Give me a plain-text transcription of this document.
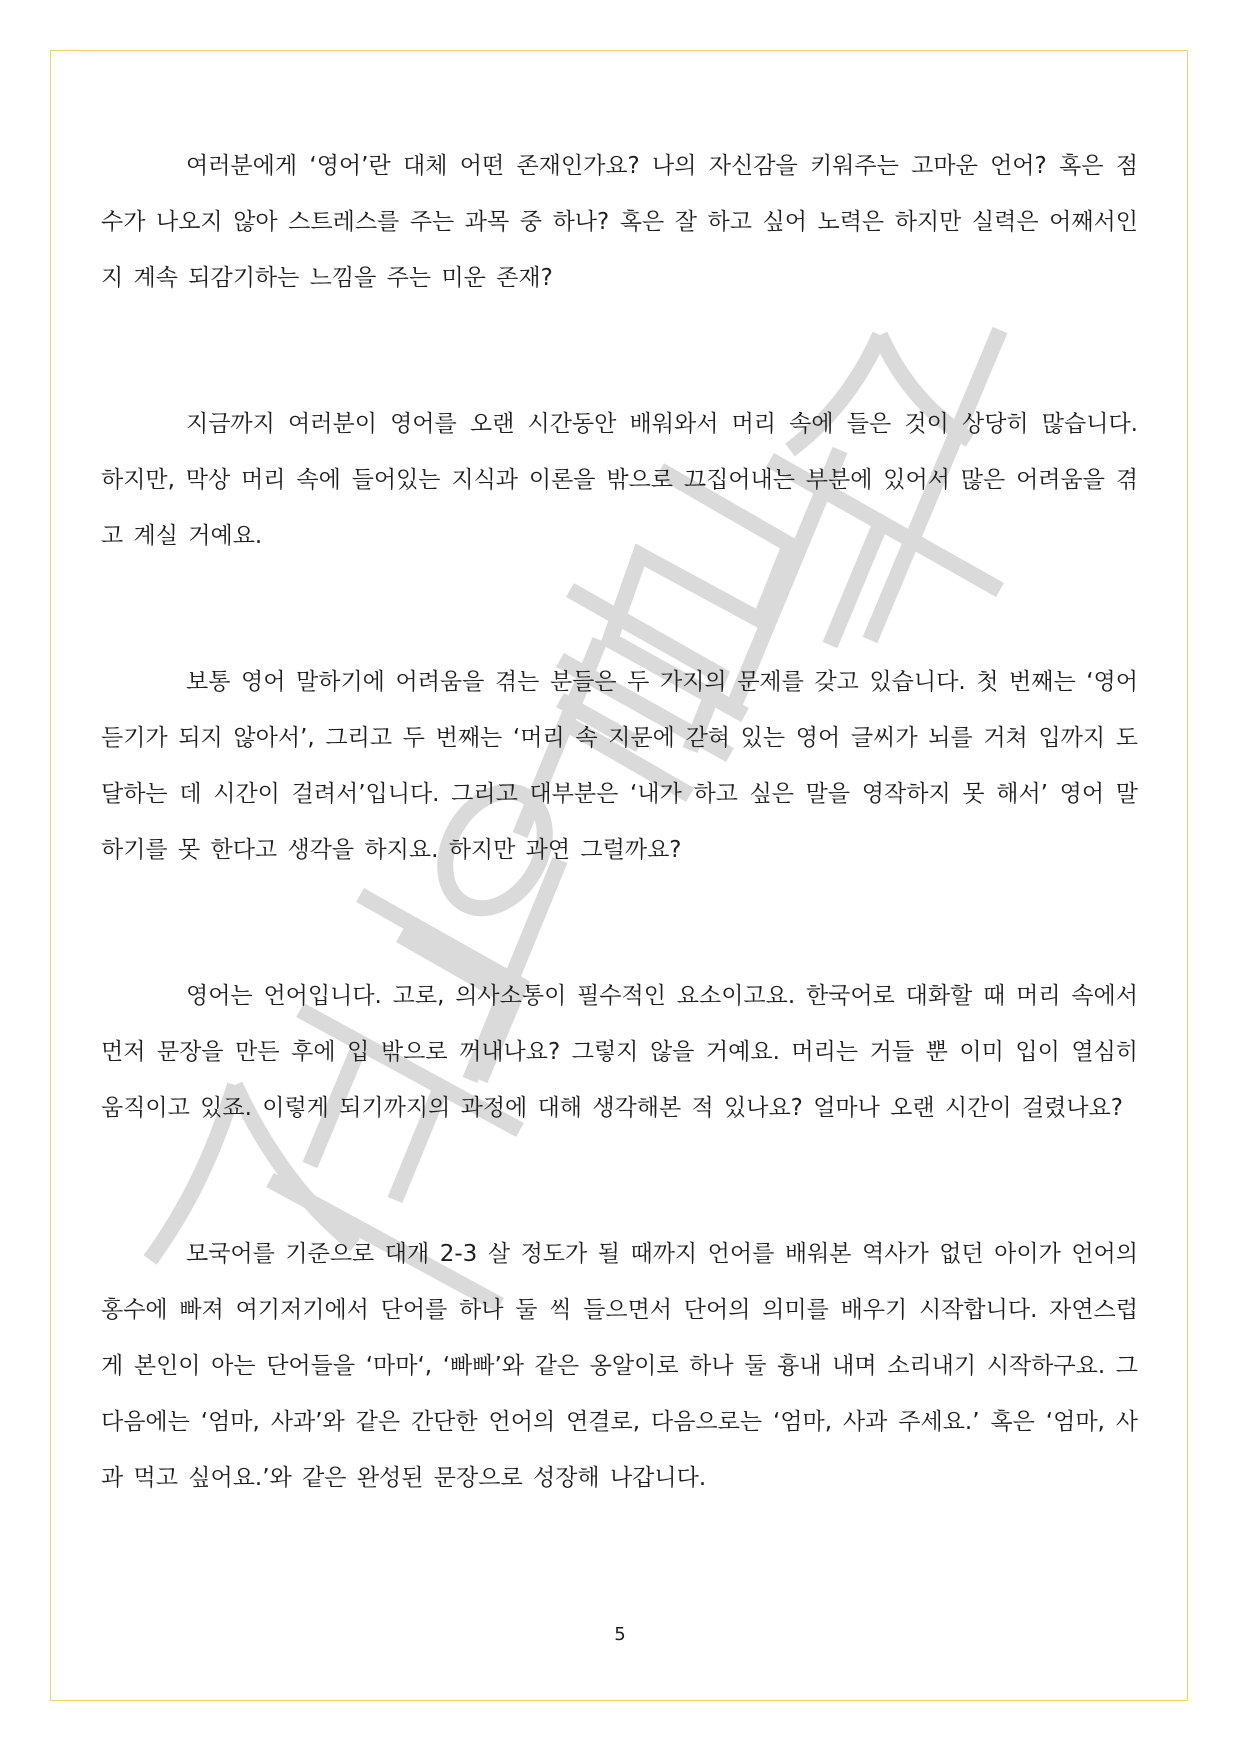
여러분에게 ‘영어’란 대체 어떤 존재인가요? 나의 자신감을 키워주는 고마운 언어? 혹은 점수가 나오지 않아 스트레스를 주는 과목 중 하나? 혹은 잘 하고 싶어 노력은 하지만 실력은 어째서인지 계속 되감기하는 느낌을 주는 미운 존재?

지금까지 여러분이 영어를 오랜 시간동안 배워와서 머리 속에 들은 것이 상당히 많습니다. 하지만, 막상 머리 속에 들어있는 지식과 이론을 밖으로 끄집어내는 부분에 있어서 많은 어려움을 겪고 계실 거예요.

보통 영어 말하기에 어려움을 겪는 분들은 두 가지의 문제를 갖고 있습니다. 첫 번째는 ‘영어 듣기가 되지 않아서’, 그리고 두 번째는 ‘머리 속 지문에 갇혀 있는 영어 글씨가 뇌를 거쳐 입까지 도달하는 데 시간이 걸려서’입니다. 그리고 대부분은 ‘내가 하고 싶은 말을 영작하지 못 해서’ 영어 말하기를 못 한다고 생각을 하지요. 하지만 과연 그럴까요?

영어는 언어입니다. 고로, 의사소통이 필수적인 요소이고요. 한국어로 대화할 때 머리 속에서 먼저 문장을 만든 후에 입 밖으로 꺼내나요? 그렇지 않을 거예요. 머리는 거들 뿐 이미 입이 열심히 움직이고 있죠. 이렇게 되기까지의 과정에 대해 생각해본 적 있나요? 얼마나 오랜 시간이 걸렸나요?

모국어를 기준으로 대개 2-3 살 정도가 될 때까지 언어를 배워본 역사가 없던 아이가 언어의 홍수에 빠져 여기저기에서 단어를 하나 둘 씩 들으면서 단어의 의미를 배우기 시작합니다. 자연스럽게 본인이 아는 단어들을 ‘마마‘, ‘빠빠’와 같은 옹알이로 하나 둘 흉내 내며 소리내기 시작하구요. 그 다음에는 ‘엄마, 사과’와 같은 간단한 언어의 연결로, 다음으로는 ‘엄마, 사과 주세요.’ 혹은 ‘엄마, 사과 먹고 싶어요.’와 같은 완성된 문장으로 성장해 나갑니다.

5
